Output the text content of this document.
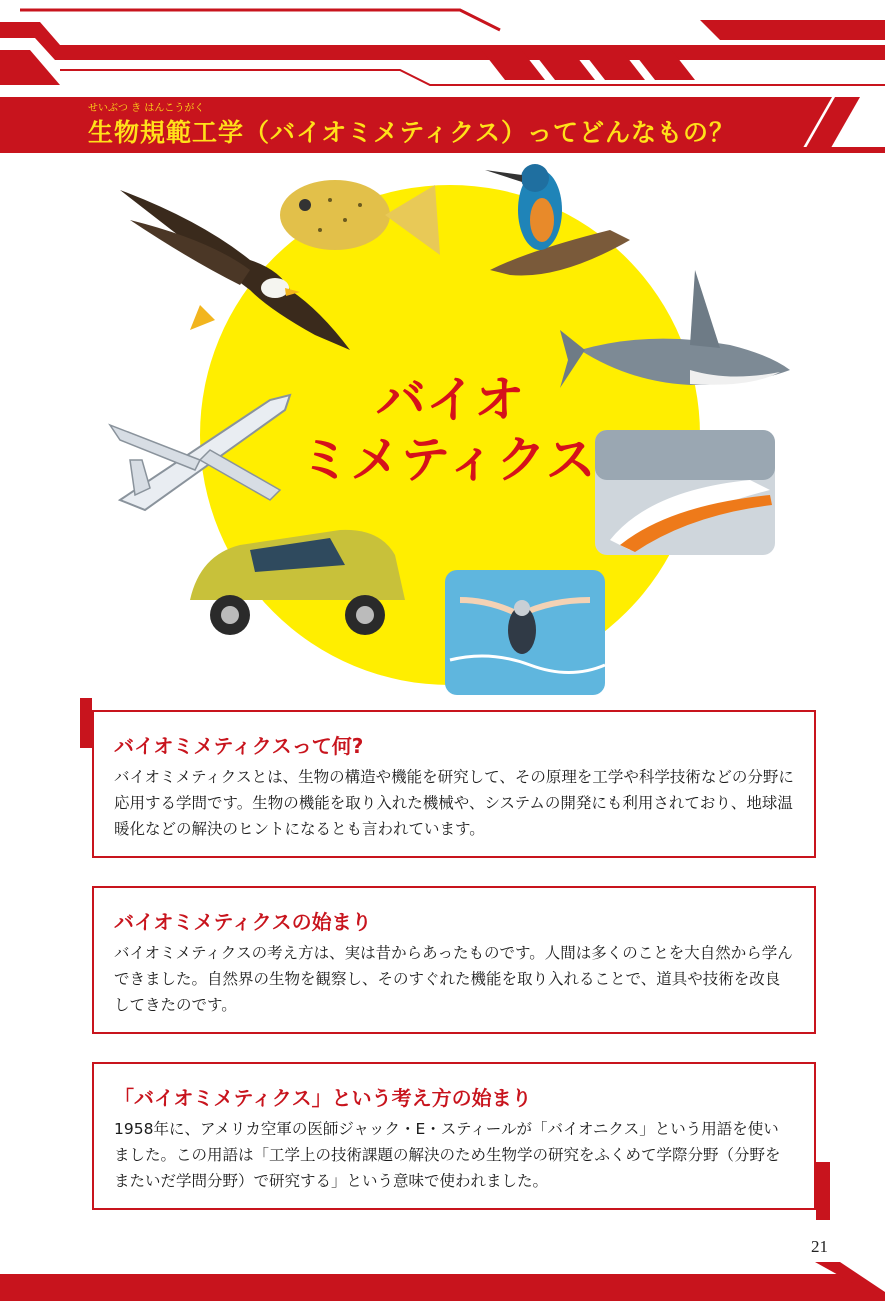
せいぶつ き はんこうがく
生物規範工学（バイオミメティクス）ってどんなもの？
バイオ
ミメティクス
バイオミメティクスって何?

バイオミメティクスとは、生物の構造や機能を研究して、その原理を工学や科学技術などの分野に応用する学問です。生物の機能を取り入れた機械や、システムの開発にも利用されており、地球温暖化などの解決のヒントになるとも言われています。

バイオミメティクスの始まり

バイオミメティクスの考え方は、実は昔からあったものです。人間は多くのことを大自然から学んできました。自然界の生物を観察し、そのすぐれた機能を取り入れることで、道具や技術を改良してきたのです。

「バイオミメティクス」という考え方の始まり

1958年に、アメリカ空軍の医師ジャック・E・スティールが「バイオニクス」という用語を使いました。この用語は「工学上の技術課題の解決のため生物学の研究をふくめて学際分野（分野をまたいだ学問分野）で研究する」という意味で使われました。

21
